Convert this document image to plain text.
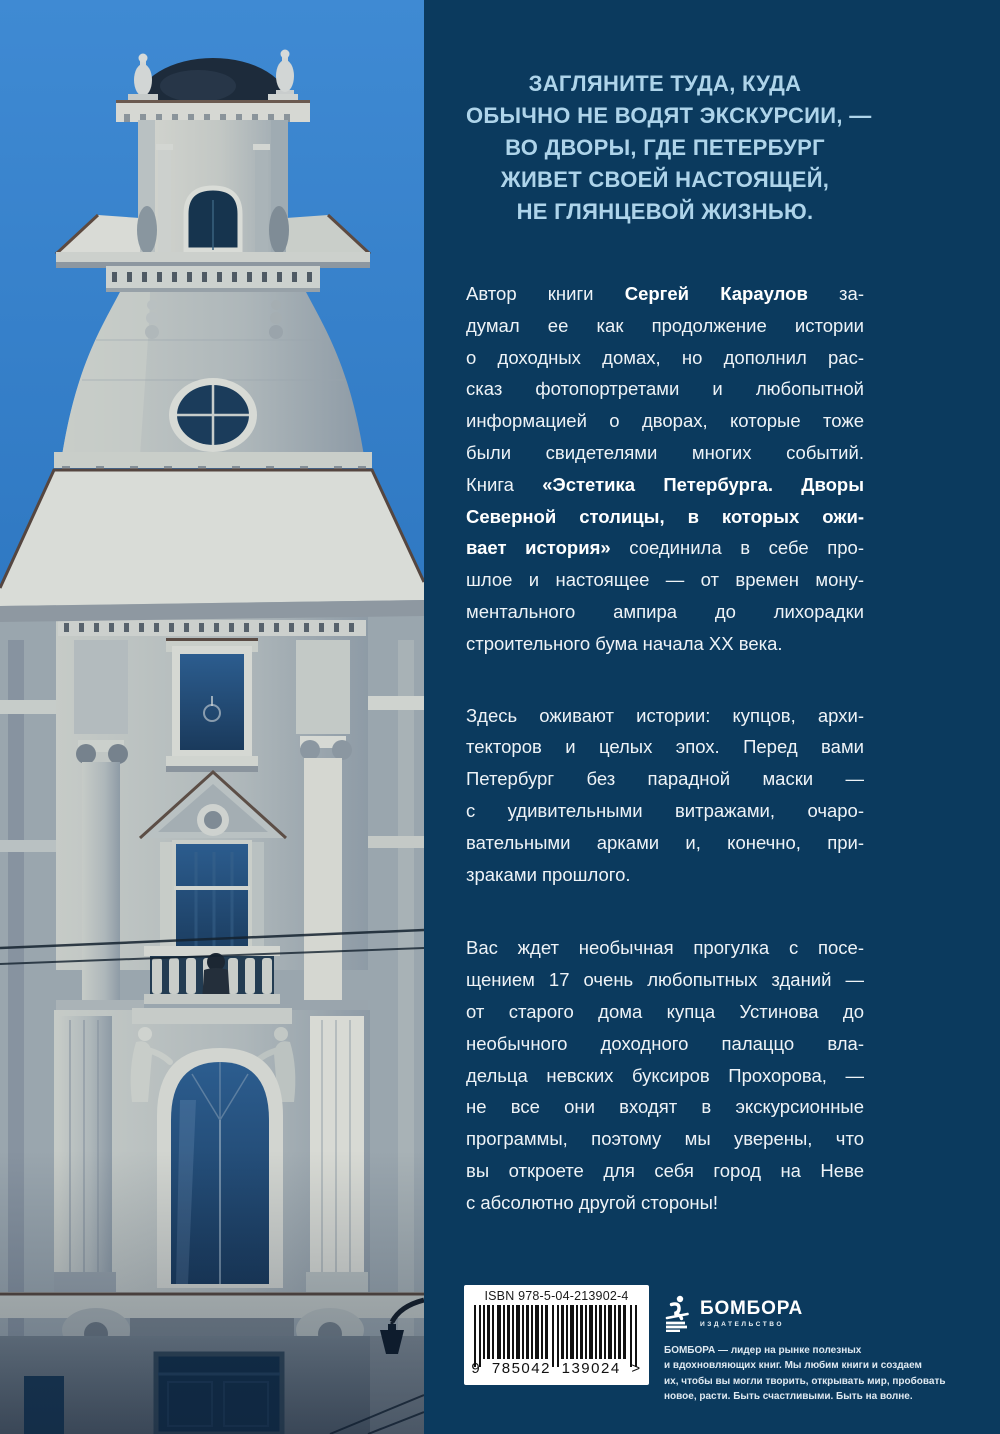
ЗАГЛЯНИТЕ ТУДА, КУДА
ОБЫЧНО НЕ ВОДЯТ ЭКСКУРСИИ, —
ВО ДВОРЫ, ГДЕ ПЕТЕРБУРГ
ЖИВЕТ СВОЕЙ НАСТОЯЩЕЙ,
НЕ ГЛЯНЦЕВОЙ ЖИЗНЬЮ.
Автор книги Сергей Караулов за-
думал ее как продолжение истории
о доходных домах, но дополнил рас-
сказ фотопортретами и любопытной
информацией о дворах, которые тоже
были свидетелями многих событий.
Книга «Эстетика Петербурга. Дворы
Северной столицы, в которых ожи-
вает история» соединила в себе про-
шлое и настоящее — от времен мону-
ментального ампира до лихорадки
строительного бума начала XX века.
Здесь оживают истории: купцов, архи-
текторов и целых эпох. Перед вами
Петербург без парадной маски —
с удивительными витражами, очаро-
вательными арками и, конечно, при-
зраками прошлого.
Вас ждет необычная прогулка с посе-
щением 17 очень любопытных зданий —
от старого дома купца Устинова до
необычного доходного палаццо вла-
дельца невских буксиров Прохорова, —
не все они входят в экскурсионные
программы, поэтому мы уверены, что
вы откроете для себя город на Неве
с абсолютно другой стороны!
ISBN 978-5-04-213902-4
9 785042 139024 >
БОМБОРА
ИЗДАТЕЛЬСТВО
БОМБОРА — лидер на рынке полезных
и вдохновляющих книг. Мы любим книги и создаем
их, чтобы вы могли творить, открывать мир, пробовать
новое, расти. Быть счастливыми. Быть на волне.
